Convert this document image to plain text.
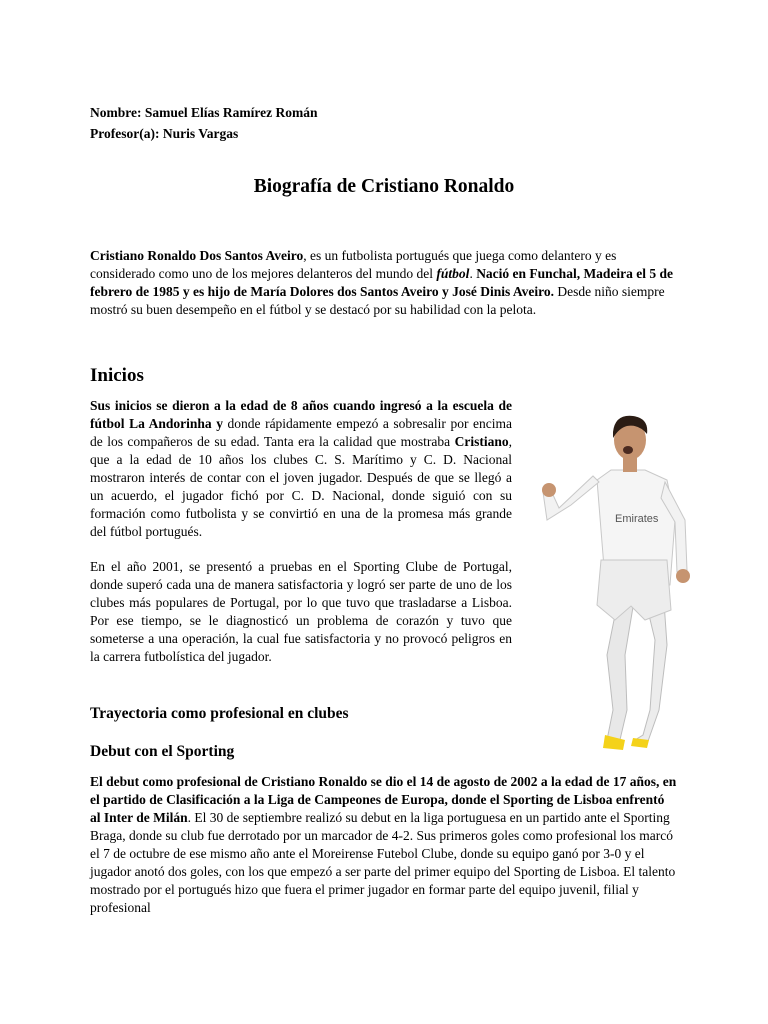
Nombre: Samuel Elías Ramírez Román
Profesor(a): Nuris Vargas
Biografía de Cristiano Ronaldo
Cristiano Ronaldo Dos Santos Aveiro, es un futbolista portugués que juega como delantero y es considerado como uno de los mejores delanteros del mundo del fútbol. Nació en Funchal, Madeira el 5 de febrero de 1985 y es hijo de María Dolores dos Santos Aveiro y José Dinis Aveiro. Desde niño siempre mostró su buen desempeño en el fútbol y se destacó por su habilidad con la pelota.
Inicios
Sus inicios se dieron a la edad de 8 años cuando ingresó a la escuela de fútbol La Andorinha y donde rápidamente empezó a sobresalir por encima de los compañeros de su edad. Tanta era la calidad que mostraba Cristiano, que a la edad de 10 años los clubes C. S. Marítimo y C. D. Nacional mostraron interés de contar con el joven jugador. Después de que se llegó a un acuerdo, el jugador fichó por C. D. Nacional, donde siguió con su formación como futbolista y se convirtió en una de la promesa más grande del fútbol portugués.
En el año 2001, se presentó a pruebas en el Sporting Clube de Portugal, donde superó cada una de manera satisfactoria y logró ser parte de uno de los clubes más populares de Portugal, por lo que tuvo que trasladarse a Lisboa. Por ese tiempo, se le diagnosticó un problema de corazón y tuvo que someterse a una operación, la cual fue satisfactoria y no provocó peligros en la carrera futbolística del jugador.
Trayectoria como profesional en clubes
Debut con el Sporting
El debut como profesional de Cristiano Ronaldo se dio el 14 de agosto de 2002 a la edad de 17 años, en el partido de Clasificación a la Liga de Campeones de Europa, donde el Sporting de Lisboa enfrentó al Inter de Milán. El 30 de septiembre realizó su debut en la liga portuguesa en un partido ante el Sporting Braga, donde su club fue derrotado por un marcador de 4-2. Sus primeros goles como profesional los marcó el 7 de octubre de ese mismo año ante el Moreirense Futebol Clube, donde su equipo ganó por 3-0 y el jugador anotó dos goles, con los que empezó a ser parte del primer equipo del Sporting de Lisboa. El talento mostrado por el portugués hizo que fuera el primer jugador en formar parte del equipo juvenil, filial y profesional
Emirates
